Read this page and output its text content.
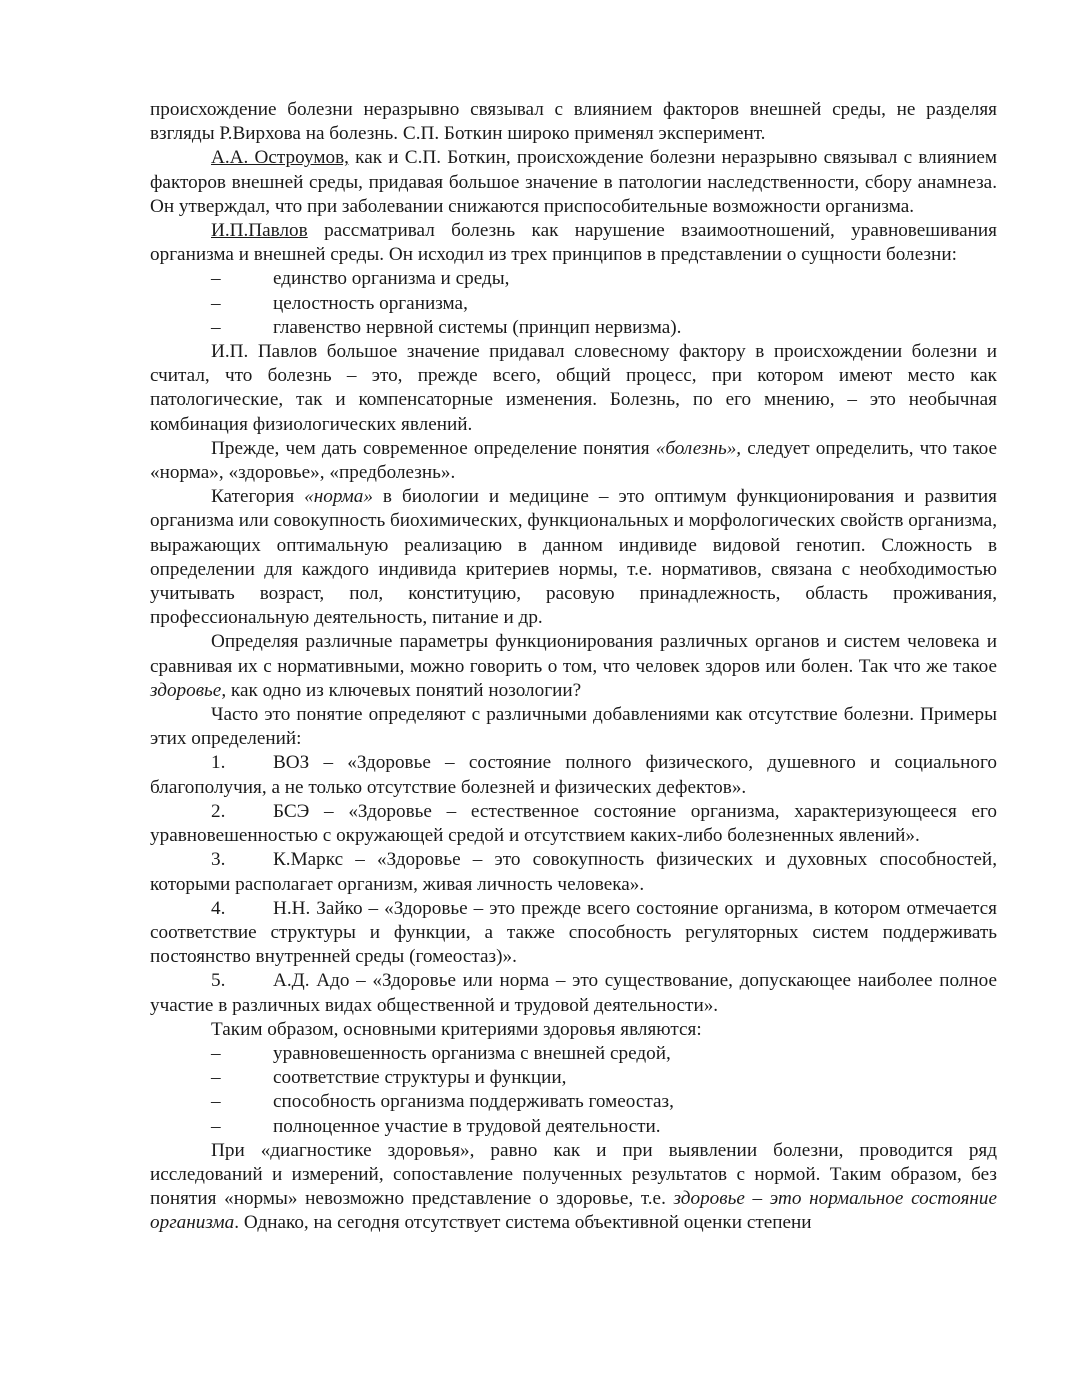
происхождение болезни неразрывно связывал с влиянием факторов внешней среды, не разделяя взгляды Р.Вирхова на болезнь. С.П. Боткин широко применял эксперимент.

А.А. Остроумов, как и С.П. Боткин, происхождение болезни неразрывно связывал с влиянием факторов внешней среды, придавая большое значение в патологии наследственности, сбору анамнеза. Он утверждал, что при заболевании снижаются приспособительные возможности организма.

И.П.Павлов рассматривал болезнь как нарушение взаимоотношений, уравновешивания организма и внешней среды. Он исходил из трех принципов в представлении о сущности болезни:

–	единство организма и среды,

–	целостность организма,

–	главенство нервной системы (принцип нервизма).

И.П. Павлов большое значение придавал словесному фактору в происхождении болезни и считал, что болезнь – это, прежде всего, общий процесс, при котором имеют место как патологические, так и компенсаторные изменения. Болезнь, по его мнению, – это необычная комбинация физиологических явлений.

Прежде, чем дать современное определение понятия «болезнь», следует определить, что такое «норма», «здоровье», «предболезнь».

Категория «норма» в биологии и медицине – это оптимум функционирования и развития организма или совокупность биохимических, функциональных и морфологических свойств организма, выражающих оптимальную реализацию в данном индивиде видовой генотип. Сложность в определении для каждого индивида критериев нормы, т.е. нормативов, связана с необходимостью учитывать возраст, пол, конституцию, расовую принадлежность, область проживания, профессиональную деятельность, питание и др.

Определяя различные параметры функционирования различных органов и систем человека и сравнивая их с нормативными, можно говорить о том, что человек здоров или болен. Так что же такое здоровье, как одно из ключевых понятий нозологии?

Часто это понятие определяют с различными добавлениями как отсутствие болезни. Примеры этих определений:

1. ВОЗ – «Здоровье – состояние полного физического, душевного и социального благополучия, а не только отсутствие болезней и физических дефектов».

2. БСЭ – «Здоровье – естественное состояние организма, характеризующееся его уравновешенностью с окружающей средой и отсутствием каких-либо болезненных явлений».

3. К.Маркс – «Здоровье – это совокупность физических и духовных способностей, которыми располагает организм, живая личность человека».

4. Н.Н. Зайко – «Здоровье – это прежде всего состояние организма, в котором отмечается соответствие структуры и функции, а также способность регуляторных систем поддерживать постоянство внутренней среды (гомеостаз)».

5. А.Д. Адо – «Здоровье или норма – это существование, допускающее наиболее полное участие в различных видах общественной и трудовой деятельности».

Таким образом, основными критериями здоровья являются:

–	уравновешенность организма с внешней средой,

–	соответствие структуры и функции,

–	способность организма поддерживать гомеостаз,

–	полноценное участие в трудовой деятельности.

При «диагностике здоровья», равно как и при выявлении болезни, проводится ряд исследований и измерений, сопоставление полученных результатов с нормой. Таким образом, без понятия «нормы» невозможно представление о здоровье, т.е. здоровье – это нормальное состояние организма. Однако, на сегодня отсутствует система объективной оценки степени
